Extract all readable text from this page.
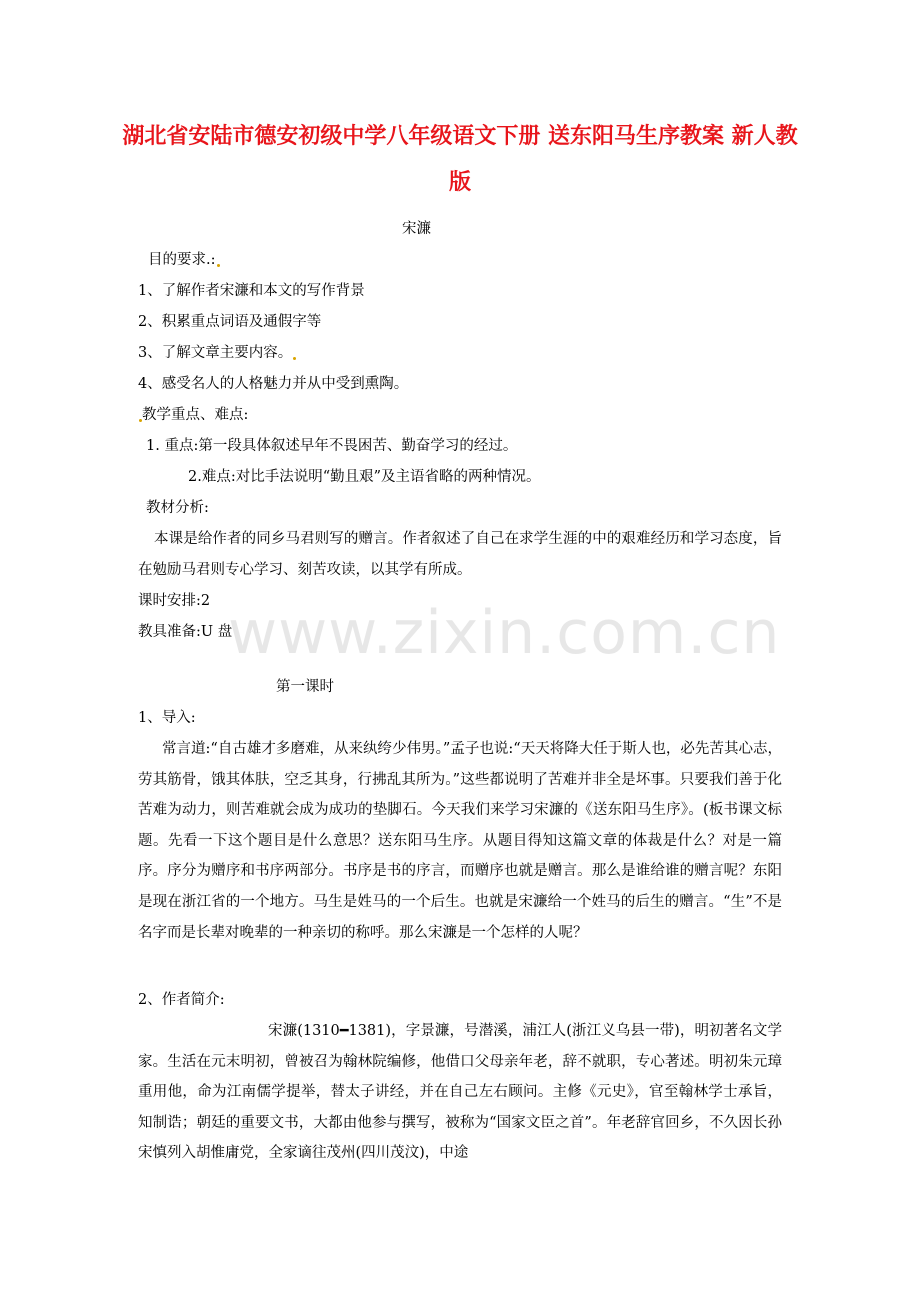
湖北省安陆市德安初级中学八年级语文下册 送东阳马生序教案 新人教版

宋濂

目的要求.:

1、了解作者宋濂和本文的写作背景

2、积累重点词语及通假字等

3、了解文章主要内容。

4、感受名人的人格魅力并从中受到熏陶。

教学重点、难点:

1. 重点:第一段具体叙述早年不畏困苦、勤奋学习的经过。

2.难点:对比手法说明“勤且艰”及主语省略的两种情况。

教材分析:

本课是给作者的同乡马君则写的赠言。作者叙述了自己在求学生涯的中的艰难经历和学习态度，旨在勉励马君则专心学习、刻苦攻读，以其学有所成。

课时安排:2

教具准备:U 盘

www.zixin.com.cn

第一课时

1、导入:

常言道:“自古雄才多磨难，从来纨绔少伟男。”孟子也说:“天天将降大任于斯人也，必先苦其心志，劳其筋骨，饿其体肤，空乏其身，行拂乱其所为。”这些都说明了苦难并非全是坏事。只要我们善于化苦难为动力，则苦难就会成为成功的垫脚石。今天我们来学习宋濂的《送东阳马生序》。(板书课文标题。先看一下这个题目是什么意思？送东阳马生序。从题目得知这篇文章的体裁是什么？对是一篇序。序分为赠序和书序两部分。书序是书的序言，而赠序也就是赠言。那么是谁给谁的赠言呢？东阳是现在浙江省的一个地方。马生是姓马的一个后生。也就是宋濂给一个姓马的后生的赠言。“生”不是名字而是长辈对晚辈的一种亲切的称呼。那么宋濂是一个怎样的人呢？

2、作者简介:

宋濂(1310━1381)，字景濂，号潜溪，浦江人(浙江义乌县一带)，明初著名文学家。生活在元末明初，曾被召为翰林院编修，他借口父母亲年老，辞不就职，专心著述。明初朱元璋重用他，命为江南儒学提举，替太子讲经，并在自己左右顾问。主修《元史》，官至翰林学士承旨，知制诰；朝廷的重要文书，大都由他参与撰写，被称为“国家文臣之首”。年老辞官回乡，不久因长孙宋慎列入胡惟庸党，全家谪往茂州(四川茂汶)，中途
